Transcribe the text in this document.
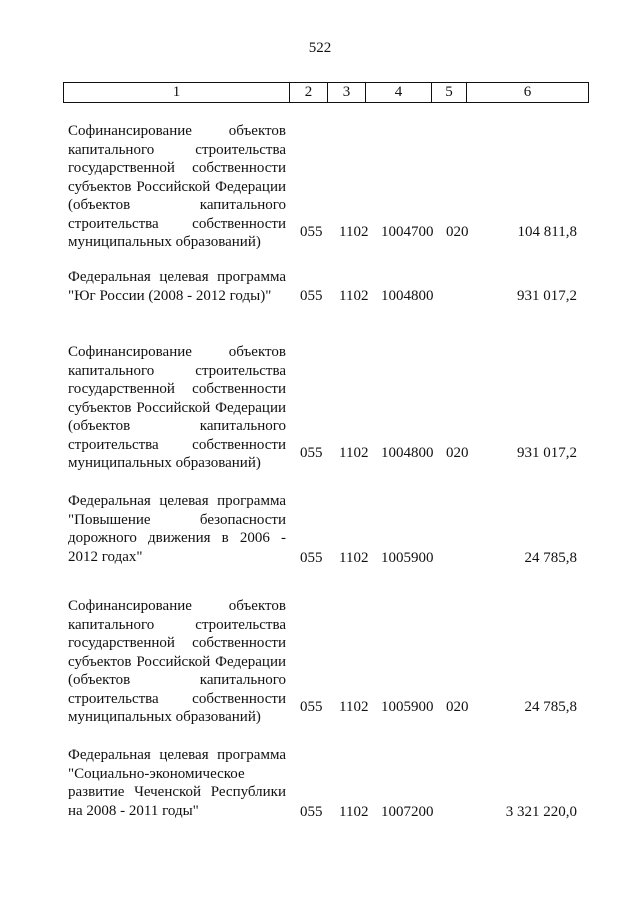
522
1	2	3	4	5	6
Софинансирование объектов
капитального строительства
государственной собственности
субъектов Российской Федерации
(объектов капитального
строительства собственности
муниципальных образований)
055 1102 1004700 020	104 811,8
Федеральная целевая программа
"Юг России (2008 - 2012 годы)"	055 1102 1004800	931 017,2
Софинансирование объектов
капитального строительства
государственной собственности
субъектов Российской Федерации
(объектов капитального
строительства собственности
муниципальных образований)
055 1102 1004800 020	931 017,2
Федеральная целевая программа
"Повышение безопасности
дорожного движения в 2006 -
2012 годах"	055 1102 1005900	24 785,8
Софинансирование объектов
капитального строительства
государственной собственности
субъектов Российской Федерации
(объектов капитального
строительства собственности
муниципальных образований)
055 1102 1005900 020	24 785,8
Федеральная целевая программа
"Социально-экономическое
развитие Чеченской Республики
на 2008 - 2011 годы"	055 1102 1007200	3 321 220,0
